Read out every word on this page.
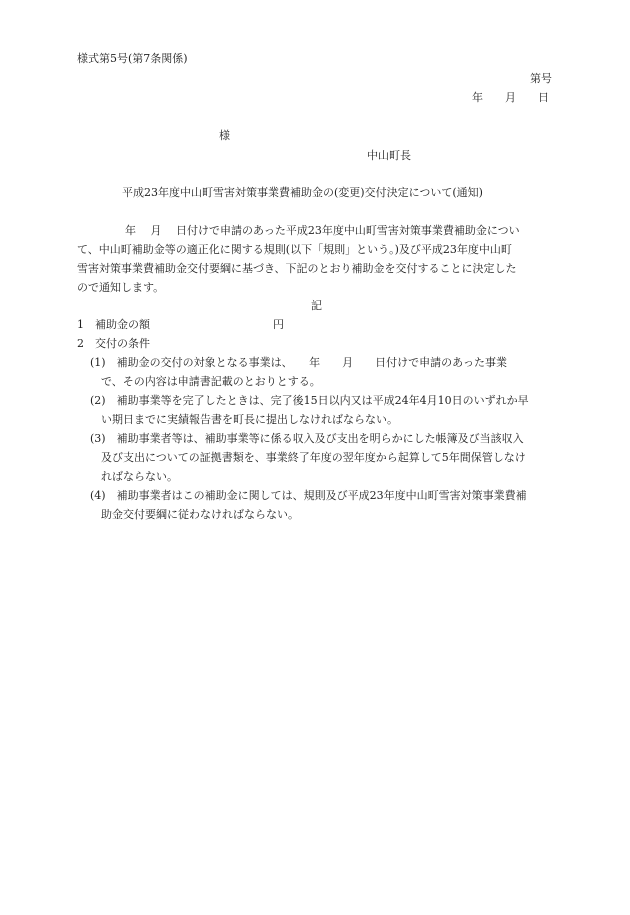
様式第5号(第7条関係)
第号
年　　月　　日
様
中山町長
平成23年度中山町雪害対策事業費補助金の(変更)交付決定について(通知)
年　 月　 日付けで申請のあった平成23年度中山町雪害対策事業費補助金につい
て、中山町補助金等の適正化に関する規則(以下「規則」という。)及び平成23年度中山町
雪害対策事業費補助金交付要綱に基づき、下記のとおり補助金を交付することに決定した
ので通知します。
記
1　補助金の額	円
2　交付の条件
(1)　補助金の交付の対象となる事業は、　　年　　月　　日付けで申請のあった事業
で、その内容は申請書記載のとおりとする。
(2)　補助事業等を完了したときは、完了後15日以内又は平成24年4月10日のいずれか早
い期日までに実績報告書を町長に提出しなければならない。
(3)　補助事業者等は、補助事業等に係る収入及び支出を明らかにした帳簿及び当該収入
及び支出についての証拠書類を、事業終了年度の翌年度から起算して5年間保管しなけ
ればならない。
(4)　補助事業者はこの補助金に関しては、規則及び平成23年度中山町雪害対策事業費補
助金交付要綱に従わなければならない。
